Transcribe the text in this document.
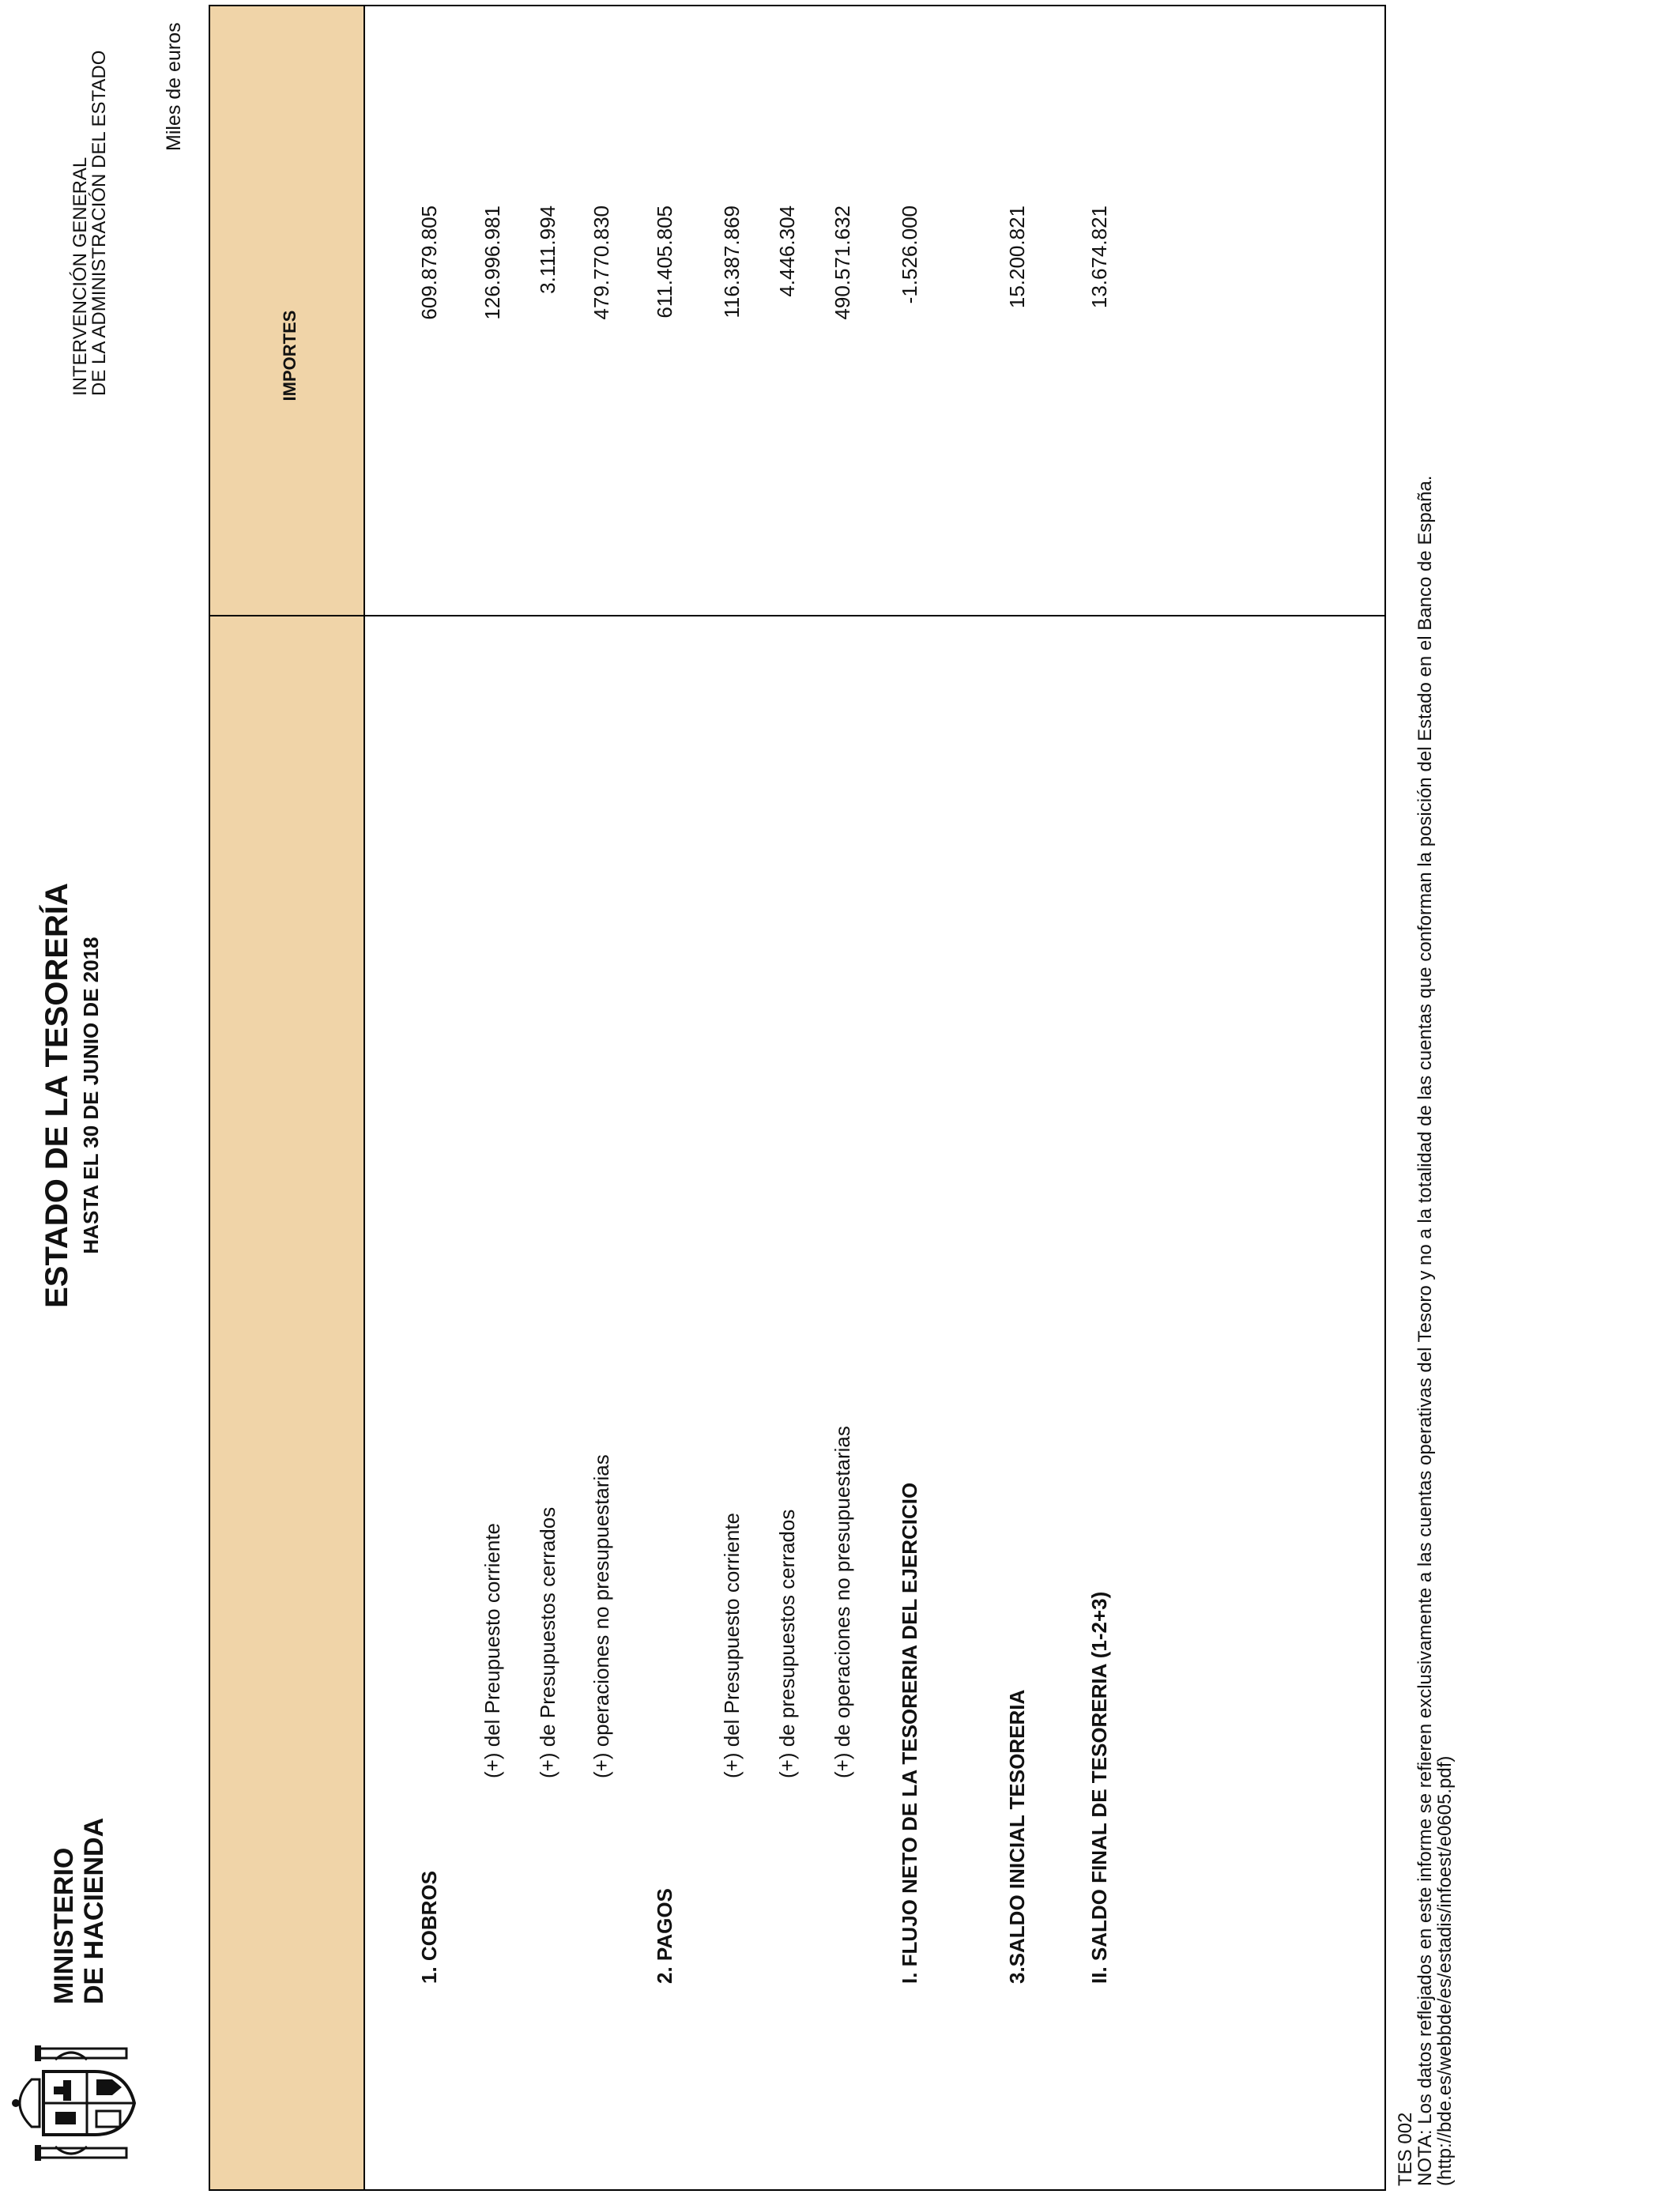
MINISTERIO DE HACIENDA
ESTADO DE LA TESORERÍA HASTA EL 30 DE JUNIO DE 2018
INTERVENCIÓN GENERAL
DE LA ADMINISTRACIÓN DEL ESTADO	Miles de euros
IMPORTES
1. COBROS
609.879.805
(+) del Preupuesto corriente
126.996.981
(+) de Presupuestos cerrados
3.111.994
(+) operaciones no presupuestarias
479.770.830
2. PAGOS
611.405.805
(+) del Presupuesto corriente
116.387.869
(+) de presupuestos cerrados
4.446.304
(+) de operaciones no presupuestarias
490.571.632
I. FLUJO NETO DE LA TESORERIA DEL EJERCICIO
-1.526.000
3.SALDO INICIAL TESORERIA
15.200.821
II. SALDO FINAL DE TESORERIA (1-2+3)
13.674.821
TES 002
NOTA: Los datos reflejados en este informe se refieren exclusivamente a las cuentas operativas del Tesoro y no a la totalidad de las cuentas que conforman la posición del Estado en el Banco de España.
(http://bde.es/webbde/es/estadis/infoest/e0605.pdf)
